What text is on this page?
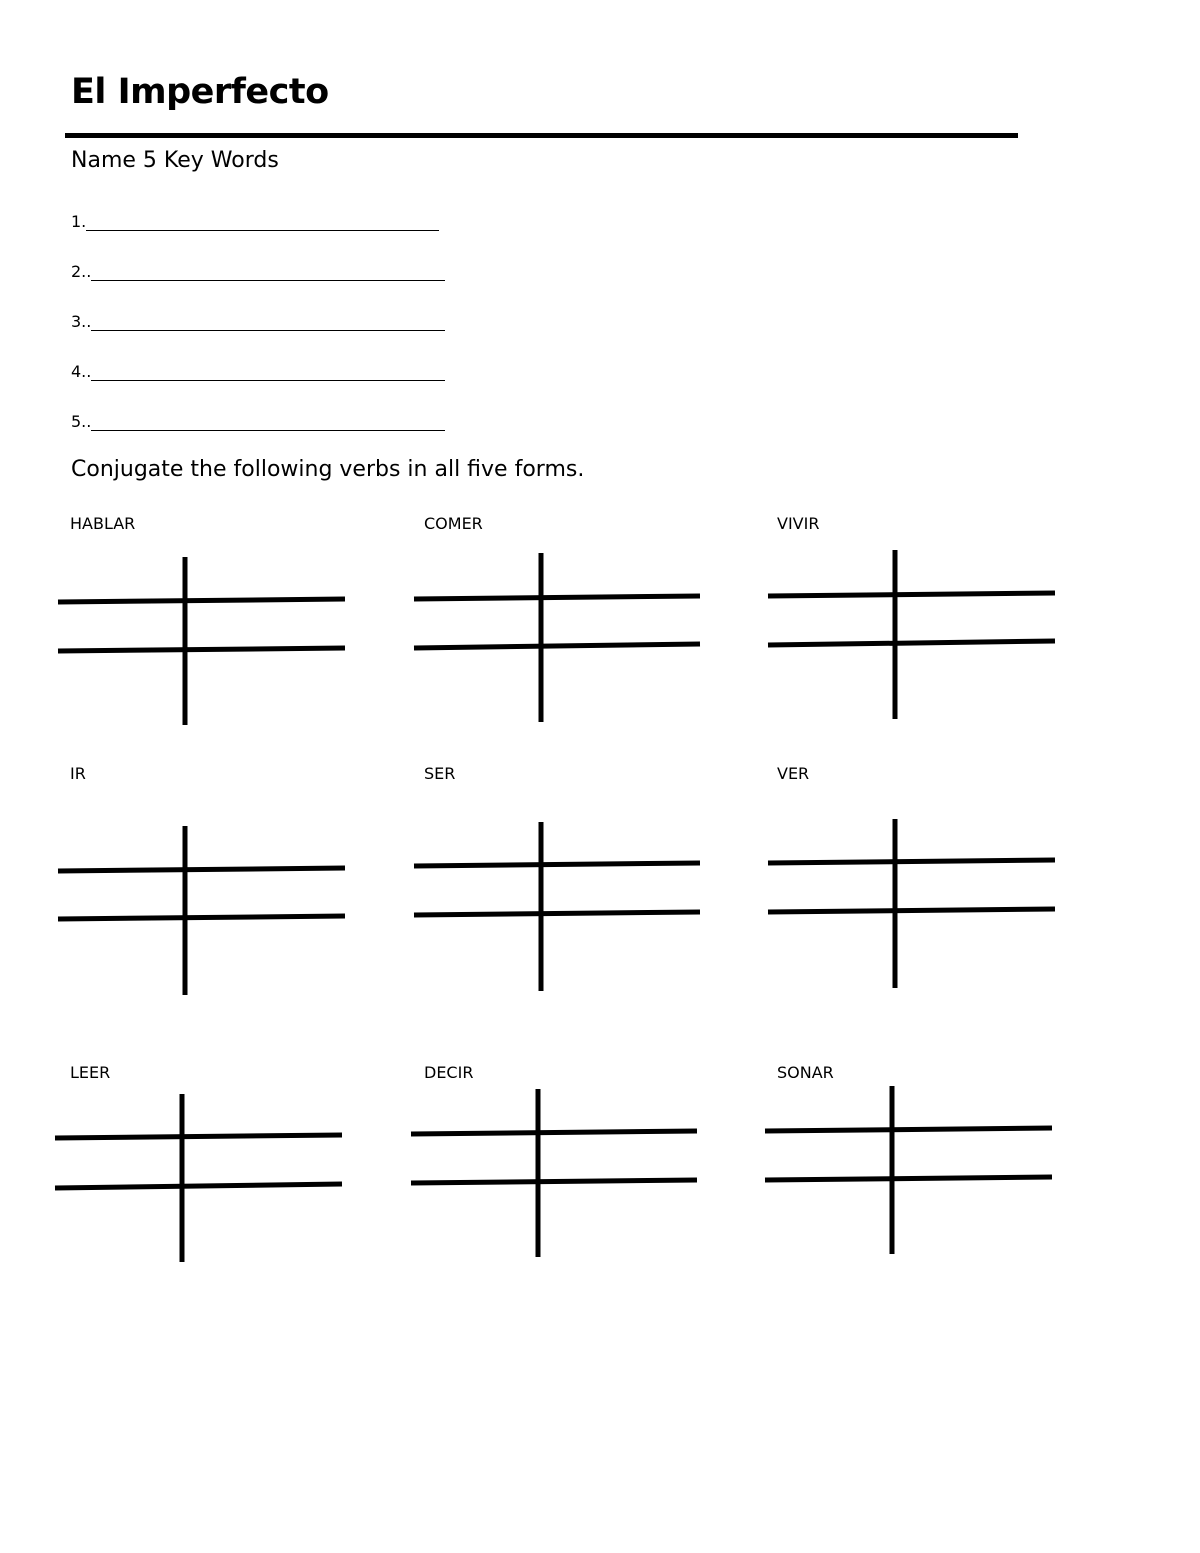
El Imperfecto
Name 5 Key Words
1.
2..
3..
4..
5..
Conjugate the following verbs in all five forms.
HABLAR	COMER	VIVIR
IR	SER	VER
LEER	DECIR	SONAR
